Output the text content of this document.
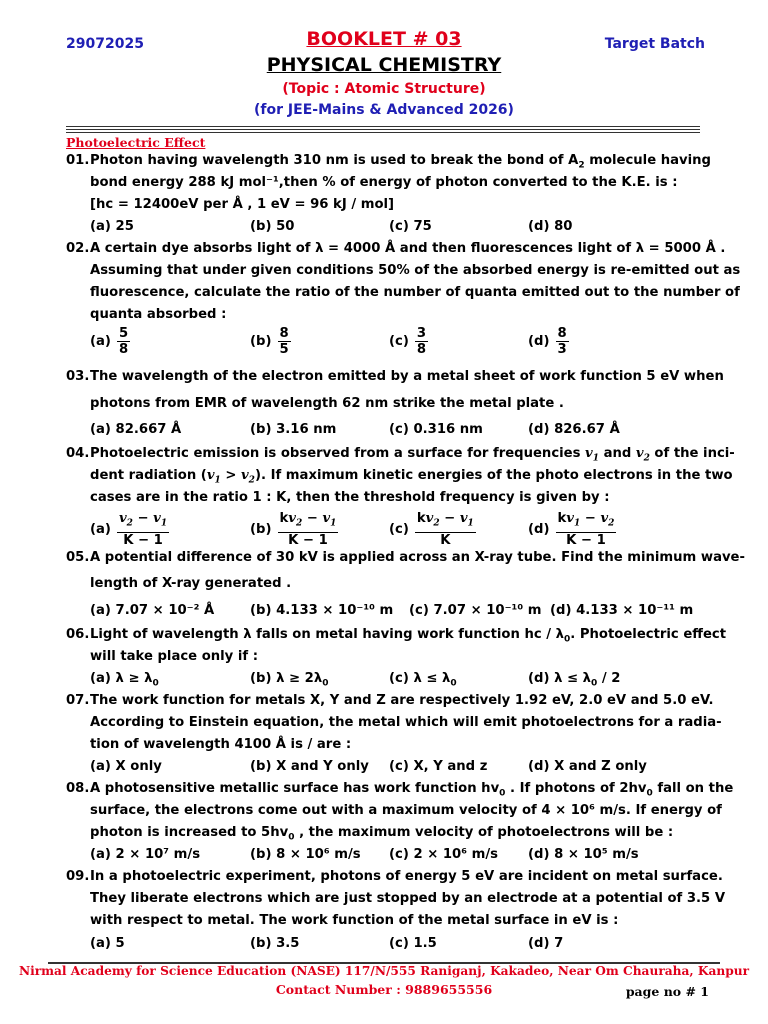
29072025	Target Batch
BOOKLET # 03
PHYSICAL CHEMISTRY
(Topic : Atomic Structure)
(for JEE-Mains & Advanced 2026)
Photoelectric Effect
01. Photon having wavelength 310 nm is used to break the bond of $A_2$ molecule having
bond energy 288 kJ mol⁻¹,then % of energy of photon converted to the K.E. is :
[hc = 12400eV per Å , 1 eV = 96 kJ / mol]
(a) 25	(b) 50	(c) 75	(d) 80
02. A certain dye absorbs light of λ = 4000 Å and then fluorescences light of λ = 5000 Å .
Assuming that under given conditions 50% of the absorbed energy is re-emitted out as
fluorescence, calculate the ratio of the number of quanta emitted out to the number of
quanta absorbed :
$(a) \frac{5}{8}$	$(b) \frac{8}{5}$	$(c) \frac{3}{8}$	$(d) \frac{8}{3}$
03. The wavelength of the electron emitted by a metal sheet of work function 5 eV when
photons from EMR of wavelength 62 nm strike the metal plate .
(a) 82.667 Å	(b) 3.16 nm	(c) 0.316 nm	(d) 826.67 Å
04. Photoelectric emission is observed from a surface for frequencies $v_1$ and $v_2$ of the inci-
dent radiation $(v_1 > v_2)$. If maximum kinetic energies of the photo electrons in the two
cases are in the ratio 1 : K, then the threshold frequency is given by :
$(a) \frac{v_2 - v_1}{K - 1}$	$(b) \frac{kv_2 - v_1}{K - 1}$	$(c) \frac{kv_2 - v_1}{K}$	$(d) \frac{kv_1 - v_2}{K - 1}$
05. A potential difference of 30 kV is applied across an X-ray tube. Find the minimum wave-
length of X-ray generated .
(a) 7.07 × 10⁻² Å	(b) 4.133 × 10⁻¹⁰ m (c) 7.07 × 10⁻¹⁰ m (d) 4.133 × 10⁻¹¹ m
06. Light of wavelength λ falls on metal having work function hc / $\lambda_0$. Photoelectric effect
will take place only if :
(a) $\lambda \ge \lambda_0$	(b) $\lambda \ge 2\lambda_0$	(c) $\lambda \le \lambda_0$	(d) $\lambda \le \lambda_0 / 2$
07. The work function for metals X, Y and Z are respectively 1.92 eV, 2.0 eV and 5.0 eV.
According to Einstein equation, the metal which will emit photoelectrons for a radia-
tion of wavelength 4100 Å is / are :
(a) X only	(b) X and Y only (c) X, Y and z	(d) X and Z only
08. A photosensitive metallic surface has work function $hv_0$ . If photons of $2hv_0$ fall on the
surface, the electrons come out with a maximum velocity of 4 × 10⁶ m/s. If energy of
photon is increased to $5hv_0$ , the maximum velocity of photoelectrons will be :
(a) 2 × 10⁷ m/s	(b) 8 × 10⁶ m/s (c) 2 × 10⁶ m/s (d) 8 × 10⁵ m/s
09. In a photoelectric experiment, photons of energy 5 eV are incident on metal surface.
They liberate electrons which are just stopped by an electrode at a potential of 3.5 V
with respect to metal. The work function of the metal surface in eV is :
(a) 5	(b) 3.5	(c) 1.5	(d) 7
Nirmal Academy for Science Education (NASE) 117/N/555 Raniganj, Kakadeo, Near Om Chauraha, Kanpur
Contact Number : 9889655556	page no # 1
